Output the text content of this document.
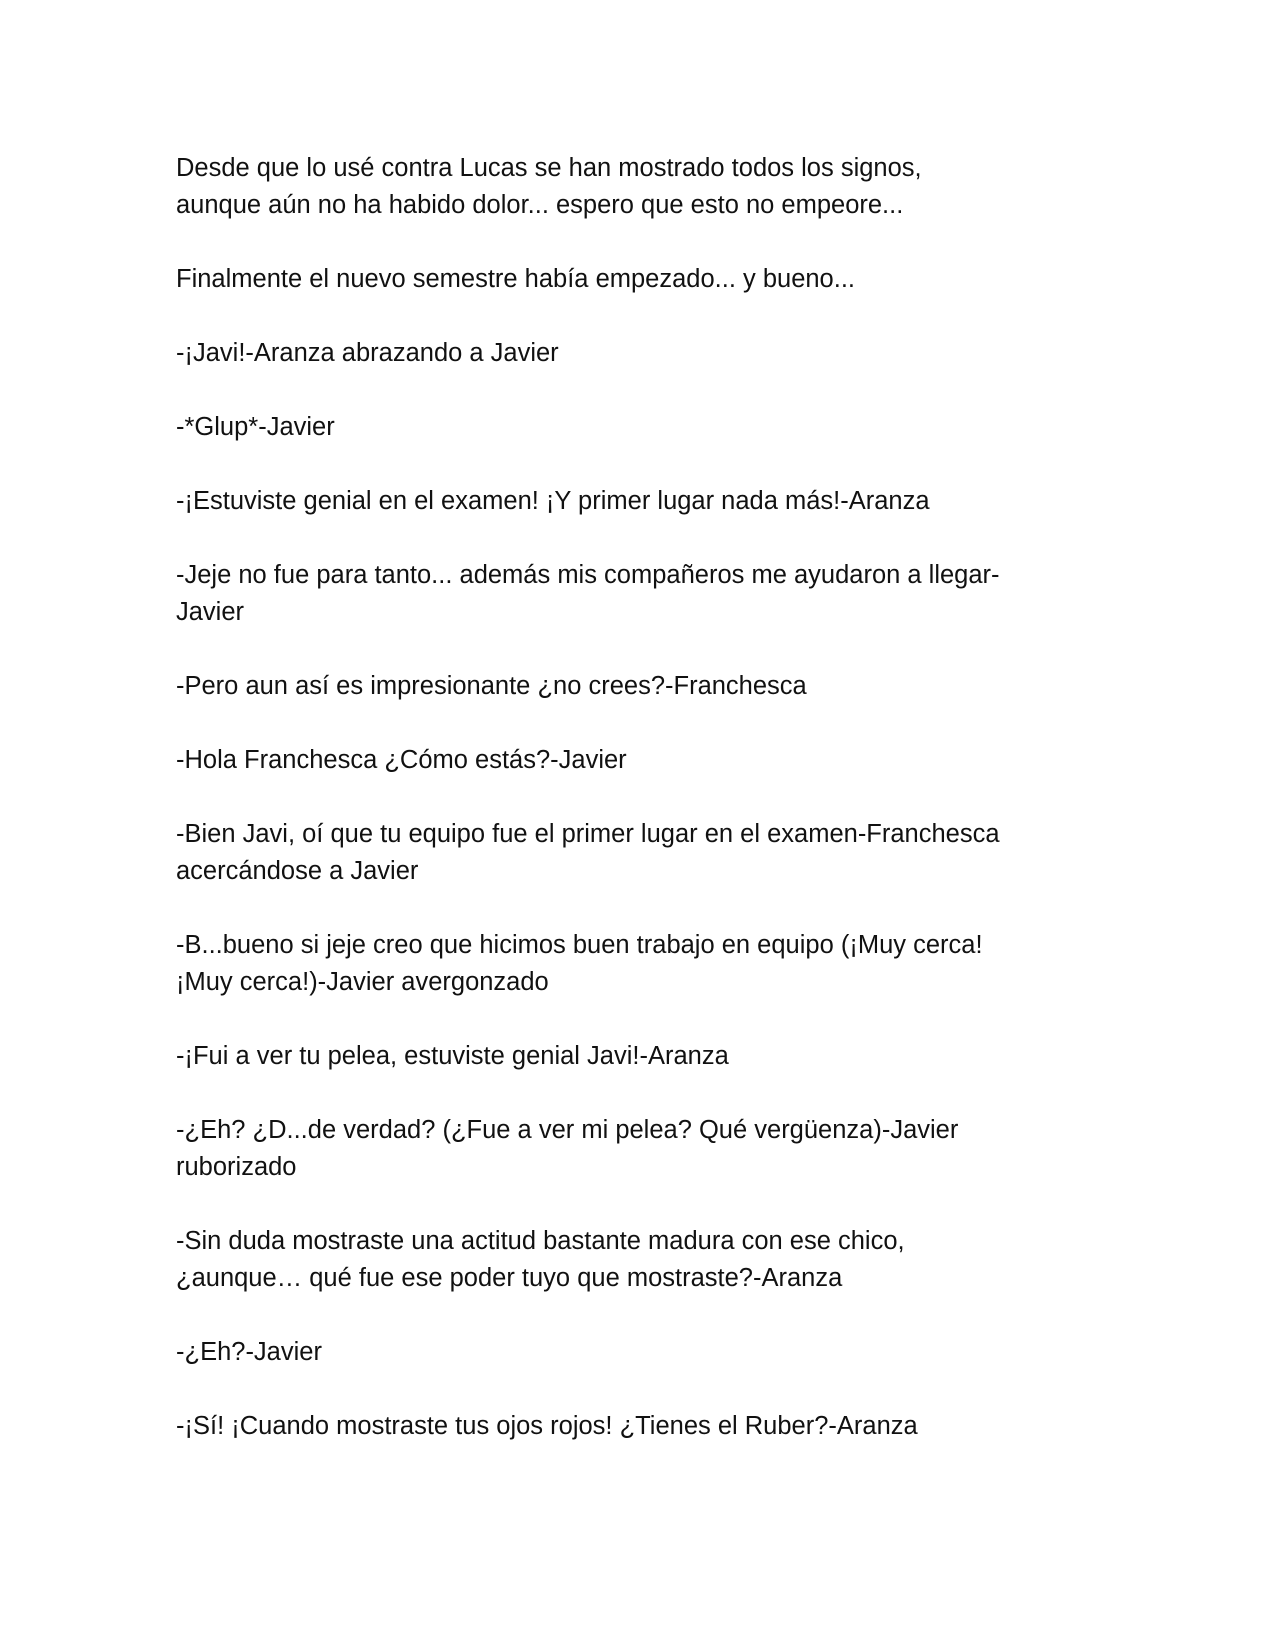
Desde que lo usé contra Lucas se han mostrado todos los signos,
aunque aún no ha habido dolor... espero que esto no empeore...

Finalmente el nuevo semestre había empezado... y bueno...

-¡Javi!-Aranza abrazando a Javier

-*Glup*-Javier

-¡Estuviste genial en el examen! ¡Y primer lugar nada más!-Aranza

-Jeje no fue para tanto... además mis compañeros me ayudaron a llegar-
Javier

-Pero aun así es impresionante ¿no crees?-Franchesca

-Hola Franchesca ¿Cómo estás?-Javier

-Bien Javi, oí que tu equipo fue el primer lugar en el examen-Franchesca
acercándose a Javier

-B...bueno si jeje creo que hicimos buen trabajo en equipo (¡Muy cerca!
¡Muy cerca!)-Javier avergonzado

-¡Fui a ver tu pelea, estuviste genial Javi!-Aranza

-¿Eh? ¿D...de verdad? (¿Fue a ver mi pelea? Qué vergüenza)-Javier
ruborizado

-Sin duda mostraste una actitud bastante madura con ese chico,
¿aunque… qué fue ese poder tuyo que mostraste?-Aranza

-¿Eh?-Javier

-¡Sí! ¡Cuando mostraste tus ojos rojos! ¿Tienes el Ruber?-Aranza
